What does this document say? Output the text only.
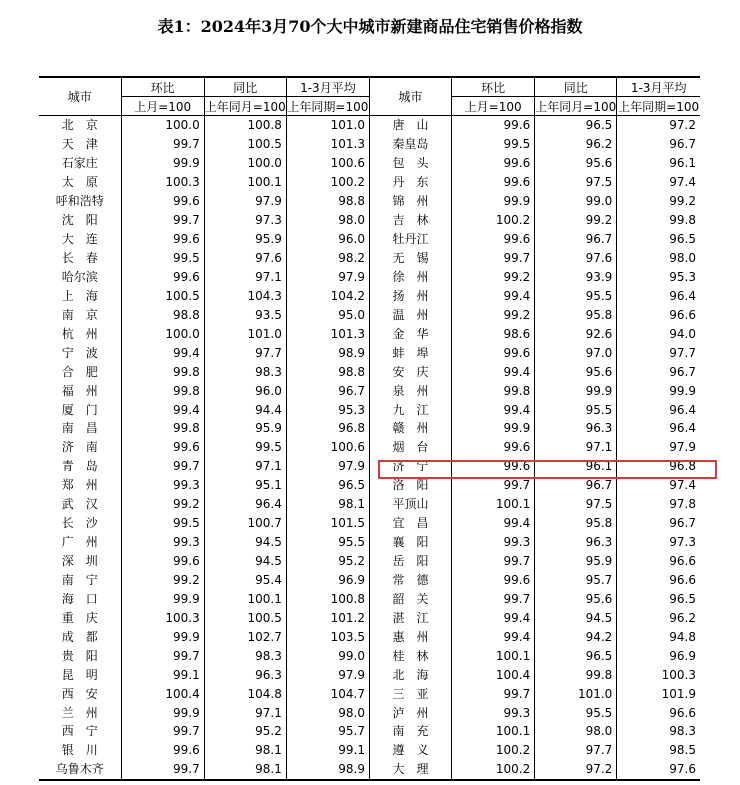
表1：2024年3月70个大中城市新建商品住宅销售价格指数
城市	环比	同比	1-3月平均	城市	环比	同比	1-3月平均
	上月=100	上年同月=100	上年同期=100		上月=100	上年同月=100	上年同期=100
北　京	100.0	100.8	101.0	唐　山	99.6	96.5	97.2
天　津	99.7	100.5	101.3	秦皇岛	99.5	96.2	96.7
石家庄	99.9	100.0	100.6	包　头	99.6	95.6	96.1
太　原	100.3	100.1	100.2	丹　东	99.6	97.5	97.4
呼和浩特	99.6	97.9	98.8	锦　州	99.9	99.0	99.2
沈　阳	99.7	97.3	98.0	吉　林	100.2	99.2	99.8
大　连	99.6	95.9	96.0	牡丹江	99.6	96.7	96.5
长　春	99.5	97.6	98.2	无　锡	99.7	97.6	98.0
哈尔滨	99.6	97.1	97.9	徐　州	99.2	93.9	95.3
上　海	100.5	104.3	104.2	扬　州	99.4	95.5	96.4
南　京	98.8	93.5	95.0	温　州	99.2	95.8	96.6
杭　州	100.0	101.0	101.3	金　华	98.6	92.6	94.0
宁　波	99.4	97.7	98.9	蚌　埠	99.6	97.0	97.7
合　肥	99.8	98.3	98.8	安　庆	99.4	95.6	96.7
福　州	99.8	96.0	96.7	泉　州	99.8	99.9	99.9
厦　门	99.4	94.4	95.3	九　江	99.4	95.5	96.4
南　昌	99.8	95.9	96.8	赣　州	99.9	96.3	96.4
济　南	99.6	99.5	100.6	烟　台	99.6	97.1	97.9
青　岛	99.7	97.1	97.9	济　宁	99.6	96.1	96.8
郑　州	99.3	95.1	96.5	洛　阳	99.7	96.7	97.4
武　汉	99.2	96.4	98.1	平顶山	100.1	97.5	97.8
长　沙	99.5	100.7	101.5	宜　昌	99.4	95.8	96.7
广　州	99.3	94.5	95.5	襄　阳	99.3	96.3	97.3
深　圳	99.6	94.5	95.2	岳　阳	99.7	95.9	96.6
南　宁	99.2	95.4	96.9	常　德	99.6	95.7	96.6
海　口	99.9	100.1	100.8	韶　关	99.7	95.6	96.5
重　庆	100.3	100.5	101.2	湛　江	99.4	94.5	96.2
成　都	99.9	102.7	103.5	惠　州	99.4	94.2	94.8
贵　阳	99.7	98.3	99.0	桂　林	100.1	96.5	96.9
昆　明	99.1	96.3	97.9	北　海	100.4	99.8	100.3
西　安	100.4	104.8	104.7	三　亚	99.7	101.0	101.9
兰　州	99.9	97.1	98.0	泸　州	99.3	95.5	96.6
西　宁	99.7	95.2	95.7	南　充	100.1	98.0	98.3
银　川	99.6	98.1	99.1	遵　义	100.2	97.7	98.5
乌鲁木齐	99.7	98.1	98.9	大　理	100.2	97.2	97.6
